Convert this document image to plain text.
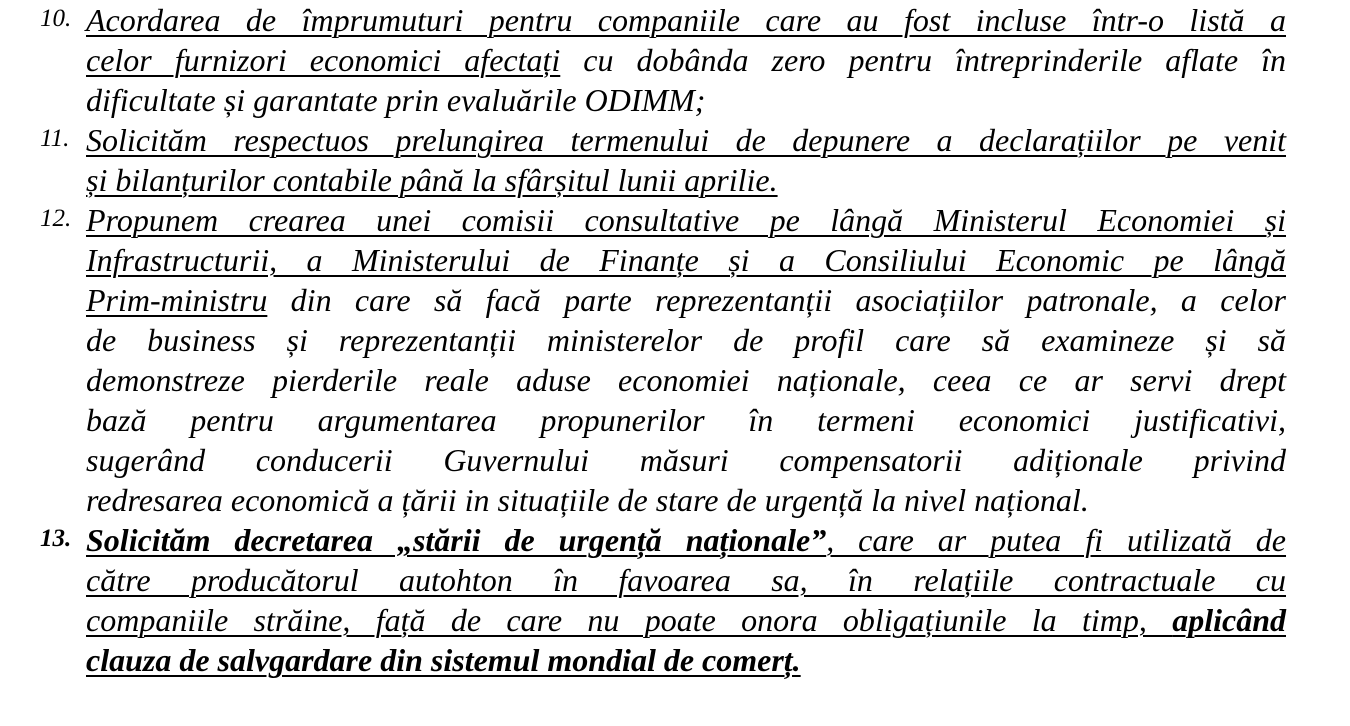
10. Acordarea de împrumuturi pentru companiile care au fost incluse într-o listă a
celor furnizori economici afectați cu dobânda zero pentru întreprinderile aflate în
dificultate și garantate prin evaluările ODIMM;
11. Solicităm respectuos prelungirea termenului de depunere a declarațiilor pe venit
și bilanțurilor contabile până la sfârșitul lunii aprilie.
12. Propunem crearea unei comisii consultative pe lângă Ministerul Economiei și
Infrastructurii, a Ministerului de Finanțe și a Consiliului Economic pe lângă
Prim-ministru din care să facă parte reprezentanții asociațiilor patronale, a celor
de business și reprezentanții ministerelor de profil care să examineze și să
demonstreze pierderile reale aduse economiei naționale, ceea ce ar servi drept
bază pentru argumentarea propunerilor în termeni economici justificativi,
sugerând conducerii Guvernului măsuri compensatorii adiționale privind
redresarea economică a țării in situațiile de stare de urgență la nivel național.
13. Solicităm decretarea „stării de urgență naționale”, care ar putea fi utilizată de
către producătorul autohton în favoarea sa, în relațiile contractuale cu
companiile străine, față de care nu poate onora obligațiunile la timp, aplicând
clauza de salvgardare din sistemul mondial de comerț.
